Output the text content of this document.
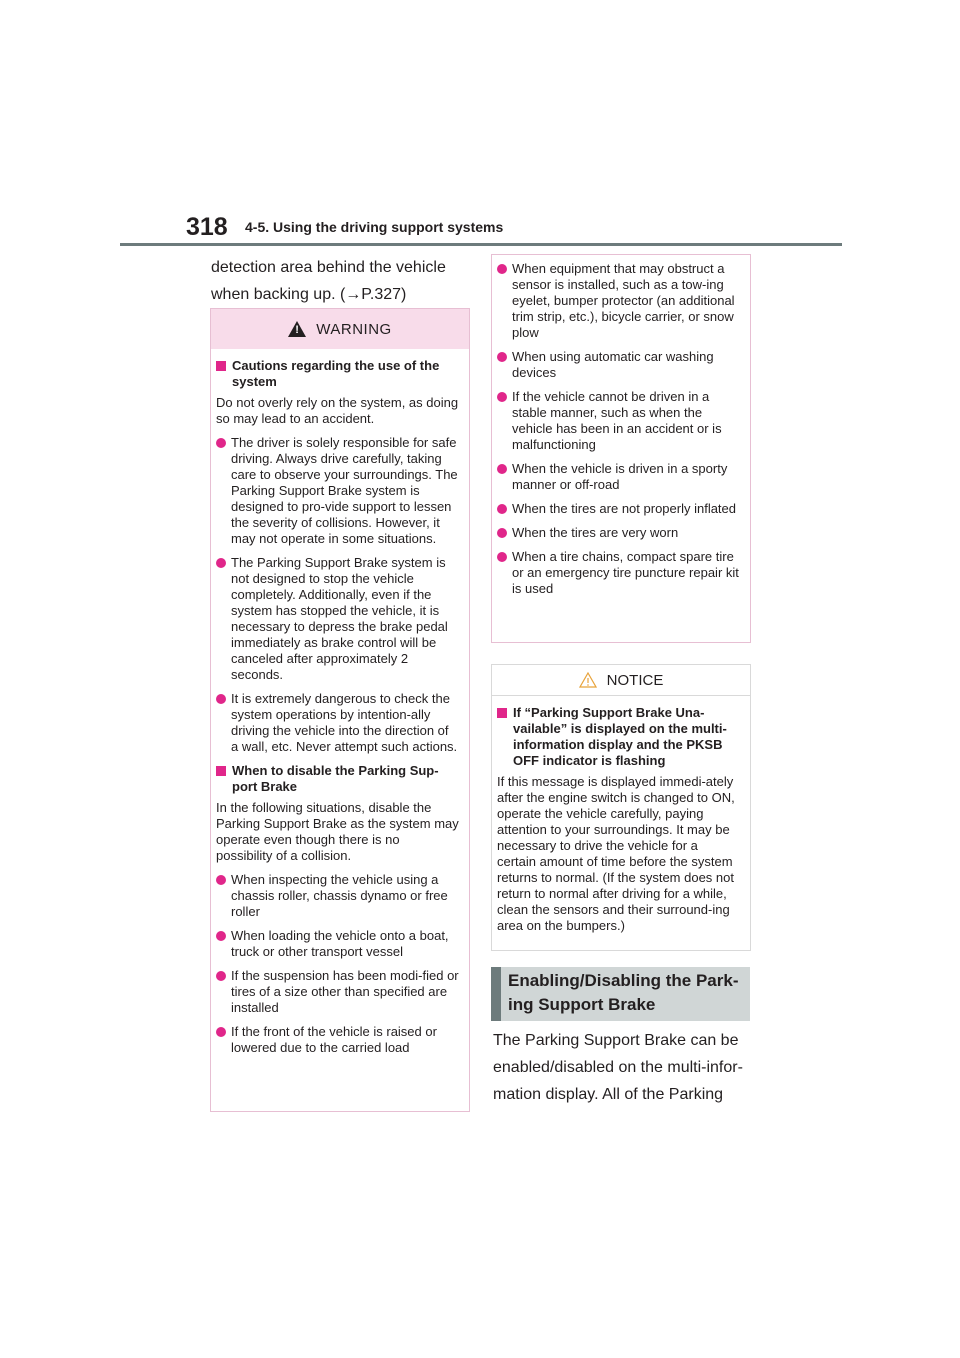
318 4-5. Using the driving support systems

detection area behind the vehicle

when backing up. (→P.327)

!
WARNING
Cautions regarding the use of the system

Do not overly rely on the system, as doing so may lead to an accident.

The driver is solely responsible for safe driving. Always drive carefully, taking care to observe your surroundings. The Parking Support Brake system is designed to pro-vide support to lessen the severity of collisions. However, it may not operate in some situations.
The Parking Support Brake system is not designed to stop the vehicle completely. Additionally, even if the system has stopped the vehicle, it is necessary to depress the brake pedal immediately as brake control will be canceled after approximately 2 seconds.
It is extremely dangerous to check the system operations by intention-ally driving the vehicle into the direction of a wall, etc. Never attempt such actions.
When to disable the Parking Sup-port Brake

In the following situations, disable the Parking Support Brake as the system may operate even though there is no possibility of a collision.

When inspecting the vehicle using a chassis roller, chassis dynamo or free roller
When loading the vehicle onto a boat, truck or other transport vessel
If the suspension has been modi-fied or tires of a size other than specified are installed
If the front of the vehicle is raised or lowered due to the carried load
When equipment that may obstruct a sensor is installed, such as a tow-ing eyelet, bumper protector (an additional trim strip, etc.), bicycle carrier, or snow plow
When using automatic car washing devices
If the vehicle cannot be driven in a stable manner, such as when the vehicle has been in an accident or is malfunctioning
When the vehicle is driven in a sporty manner or off-road
When the tires are not properly inflated
When the tires are very worn
When a tire chains, compact spare tire or an emergency tire puncture repair kit is used
NOTICE
If “Parking Support Brake Una-vailable” is displayed on the multi-information display and the PKSB OFF indicator is flashing

If this message is displayed immedi-ately after the engine switch is changed to ON, operate the vehicle carefully, paying attention to your surroundings. It may be necessary to drive the vehicle for a certain amount of time before the system returns to normal. (If the system does not return to normal after driving for a while, clean the sensors and their surround-ing area on the bumpers.)

Enabling/Disabling the Park-
ing Support Brake

The Parking Support Brake can be

enabled/disabled on the multi-infor-

mation display. All of the Parking
